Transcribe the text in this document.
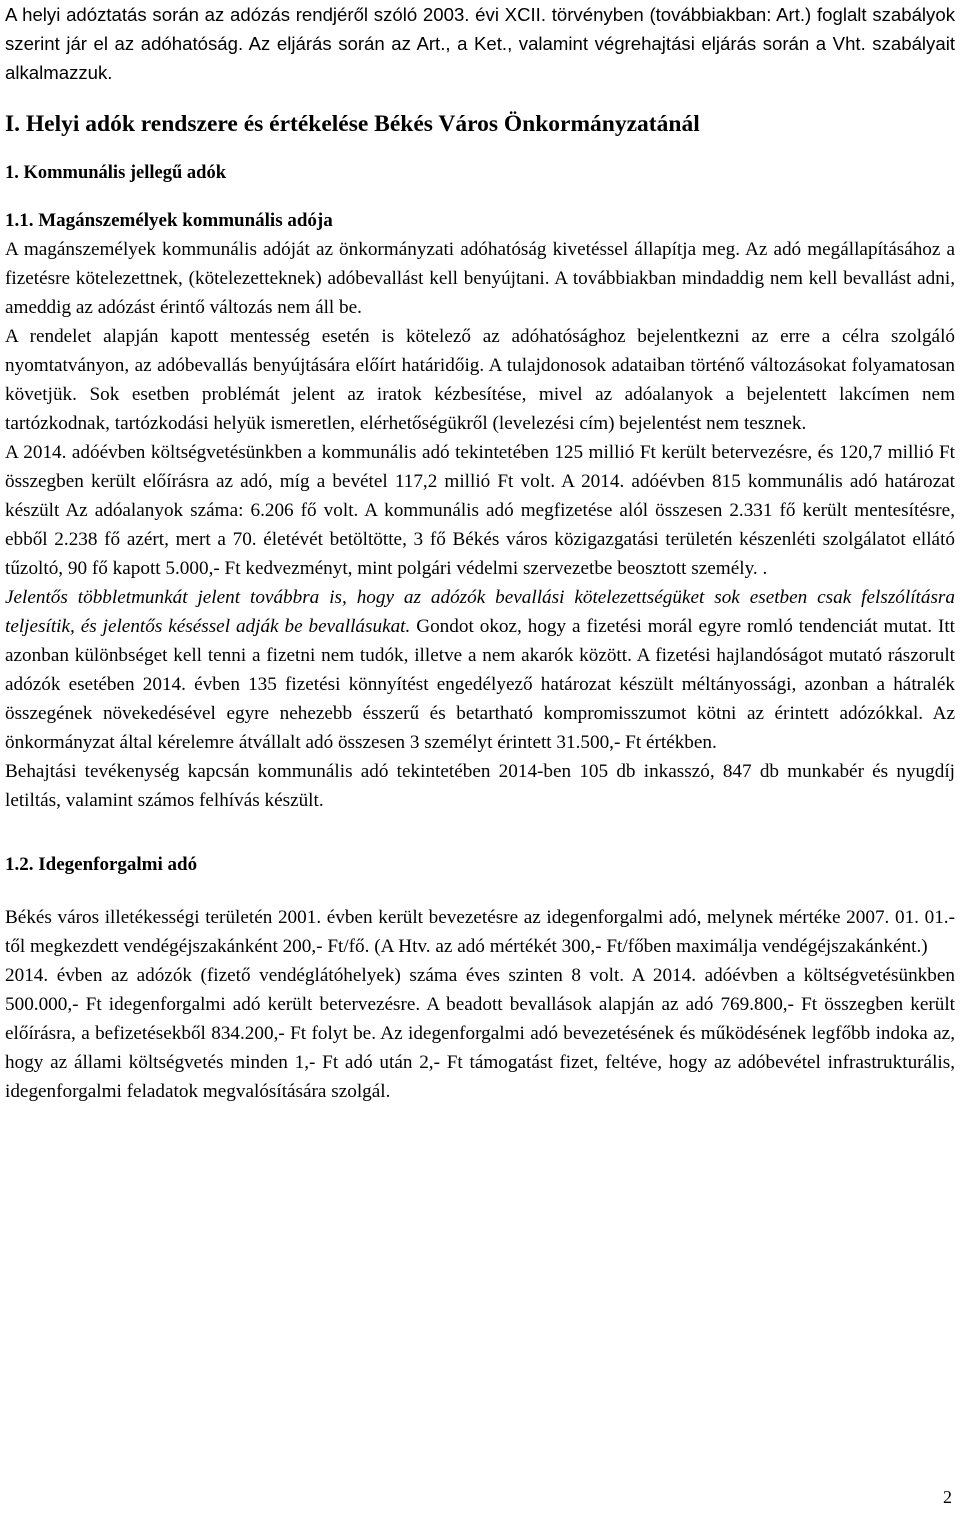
A helyi adóztatás során az adózás rendjéről szóló 2003. évi XCII. törvényben (továbbiakban: Art.) foglalt szabályok szerint jár el az adóhatóság. Az eljárás során az Art., a Ket., valamint végrehajtási eljárás során a Vht. szabályait alkalmazzuk.

I. Helyi adók rendszere és értékelése Békés Város Önkormányzatánál
1. Kommunális jellegű adók
1.1. Magánszemélyek kommunális adója

A magánszemélyek kommunális adóját az önkormányzati adóhatóság kivetéssel állapítja meg. Az adó megállapításához a fizetésre kötelezettnek, (kötelezetteknek) adóbevallást kell benyújtani. A továbbiakban mindaddig nem kell bevallást adni, ameddig az adózást érintő változás nem áll be.

A rendelet alapján kapott mentesség esetén is kötelező az adóhatósághoz bejelentkezni az erre a célra szolgáló nyomtatványon, az adóbevallás benyújtására előírt határidőig. A tulajdonosok adataiban történő változásokat folyamatosan követjük. Sok esetben problémát jelent az iratok kézbesítése, mivel az adóalanyok a bejelentett lakcímen nem tartózkodnak, tartózkodási helyük ismeretlen, elérhetőségükről (levelezési cím) bejelentést nem tesznek.

A 2014. adóévben költségvetésünkben a kommunális adó tekintetében 125 millió Ft került betervezésre, és 120,7 millió Ft összegben került előírásra az adó, míg a bevétel 117,2 millió Ft volt. A 2014. adóévben 815 kommunális adó határozat készült Az adóalanyok száma: 6.206 fő volt. A kommunális adó megfizetése alól összesen 2.331 fő került mentesítésre, ebből 2.238 fő azért, mert a 70. életévét betöltötte, 3 fő Békés város közigazgatási területén készenléti szolgálatot ellátó tűzoltó, 90 fő kapott 5.000,- Ft kedvezményt, mint polgári védelmi szervezetbe beosztott személy. .

Jelentős többletmunkát jelent továbbra is, hogy az adózók bevallási kötelezettségüket sok esetben csak felszólításra teljesítik, és jelentős késéssel adják be bevallásukat. Gondot okoz, hogy a fizetési morál egyre romló tendenciát mutat. Itt azonban különbséget kell tenni a fizetni nem tudók, illetve a nem akarók között. A fizetési hajlandóságot mutató rászorult adózók esetében 2014. évben 135 fizetési könnyítést engedélyező határozat készült méltányossági, azonban a hátralék összegének növekedésével egyre nehezebb ésszerű és betartható kompromisszumot kötni az érintett adózókkal. Az önkormányzat által kérelemre átvállalt adó összesen 3 személyt érintett 31.500,- Ft értékben.

Behajtási tevékenység kapcsán kommunális adó tekintetében 2014-ben 105 db inkasszó, 847 db munkabér és nyugdíj letiltás, valamint számos felhívás készült.

1.2. Idegenforgalmi adó

Békés város illetékességi területén 2001. évben került bevezetésre az idegenforgalmi adó, melynek mértéke 2007. 01. 01.-től megkezdett vendégéjszakánként 200,- Ft/fő. (A Htv. az adó mértékét 300,- Ft/főben maximálja vendégéjszakánként.)

2014. évben az adózók (fizető vendéglátóhelyek) száma éves szinten 8 volt. A 2014. adóévben a költségvetésünkben 500.000,- Ft idegenforgalmi adó került betervezésre. A beadott bevallások alapján az adó 769.800,- Ft összegben került előírásra, a befizetésekből 834.200,- Ft folyt be. Az idegenforgalmi adó bevezetésének és működésének legfőbb indoka az, hogy az állami költségvetés minden 1,- Ft adó után 2,- Ft támogatást fizet, feltéve, hogy az adóbevétel infrastrukturális, idegenforgalmi feladatok megvalósítására szolgál.

2
